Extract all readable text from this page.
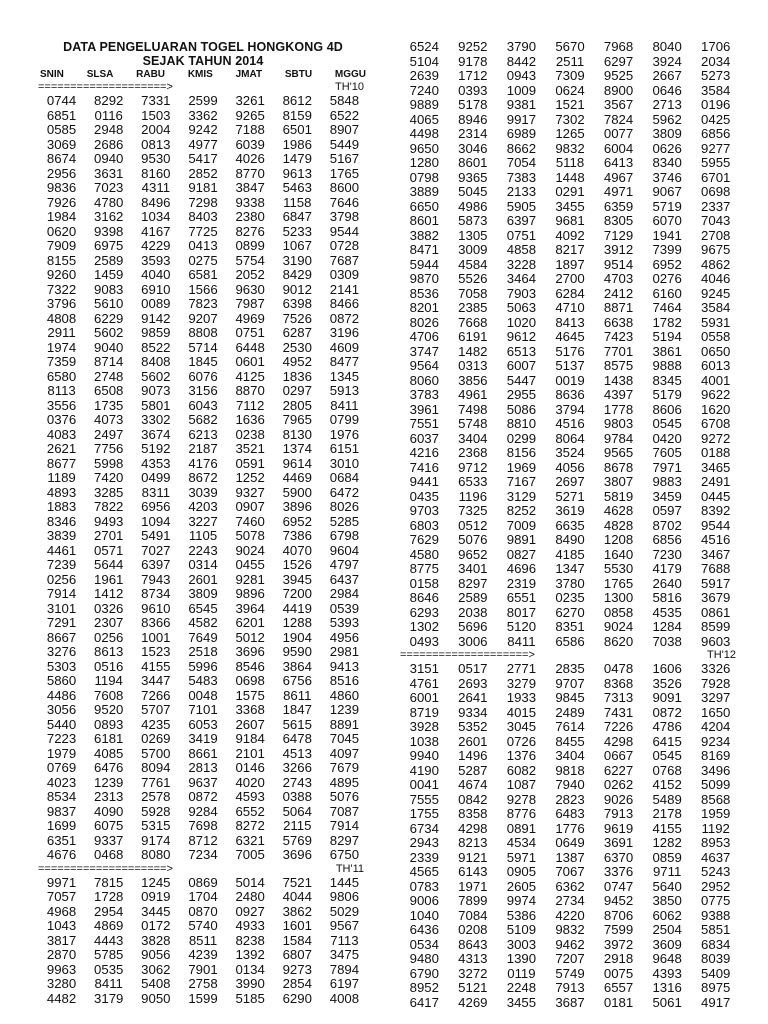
DATA PENGELUARAN TOGEL HONGKONG 4D
SEJAK TAHUN 2014
SNIN SLSA RABU KMIS JMAT SBTU MGGU
====================>	TH'10
0744	8292	7331	2599	3261	8612	5848
6851	0116	1503	3362	9265	8159	6522
0585	2948	2004	9242	7188	6501	8907
3069	2686	0813	4977	6039	1986	5449
8674	0940	9530	5417	4026	1479	5167
2956	3631	8160	2852	8770	9613	1765
9836	7023	4311	9181	3847	5463	8600
7926	4780	8496	7298	9338	1158	7646
1984	3162	1034	8403	2380	6847	3798
0620	9398	4167	7725	8276	5233	9544
7909	6975	4229	0413	0899	1067	0728
8155	2589	3593	0275	5754	3190	7687
9260	1459	4040	6581	2052	8429	0309
7322	9083	6910	1566	9630	9012	2141
3796	5610	0089	7823	7987	6398	8466
4808	6229	9142	9207	4969	7526	0872
2911	5602	9859	8808	0751	6287	3196
1974	9040	8522	5714	6448	2530	4609
7359	8714	8408	1845	0601	4952	8477
6580	2748	5602	6076	4125	1836	1345
8113	6508	9073	3156	8870	0297	5913
3556	1735	5801	6043	7112	2805	8411
0376	4073	3302	5682	1636	7965	0799
4083	2497	3674	6213	0238	8130	1976
2621	7756	5192	2187	3521	1374	6151
8677	5998	4353	4176	0591	9614	3010
1189	7420	0499	8672	1252	4469	0684
4893	3285	8311	3039	9327	5900	6472
1883	7822	6956	4203	0907	3896	8026
8346	9493	1094	3227	7460	6952	5285
3839	2701	5491	1105	5078	7386	6798
4461	0571	7027	2243	9024	4070	9604
7239	5644	6397	0314	0455	1526	4797
0256	1961	7943	2601	9281	3945	6437
7914	1412	8734	3809	9896	7200	2984
3101	0326	9610	6545	3964	4419	0539
7291	2307	8366	4582	6201	1288	5393
8667	0256	1001	7649	5012	1904	4956
3276	8613	1523	2518	3696	9590	2981
5303	0516	4155	5996	8546	3864	9413
5860	1194	3447	5483	0698	6756	8516
4486	7608	7266	0048	1575	8611	4860
3056	9520	5707	7101	3368	1847	1239
5440	0893	4235	6053	2607	5615	8891
7223	6181	0269	3419	9184	6478	7045
1979	4085	5700	8661	2101	4513	4097
0769	6476	8094	2813	0146	3266	7679
4023	1239	7761	9637	4020	2743	4895
8534	2313	2578	0872	4593	0388	5076
9837	4090	5928	9284	6552	5064	7087
1699	6075	5315	7698	8272	2115	7914
6351	9337	9174	8712	6321	5769	8297
4676	0468	8080	7234	7005	3696	6750
====================>	TH'11
9971	7815	1245	0869	5014	7521	1445
7057	1728	0919	1704	2480	4044	9806
4968	2954	3445	0870	0927	3862	5029
1043	4869	0172	5740	4933	1601	9567
3817	4443	3828	8511	8238	1584	7113
2870	5785	9056	4239	1392	6807	3475
9963	0535	3062	7901	0134	9273	7894
3280	8411	5408	2758	3990	2854	6197
4482	3179	9050	1599	5185	6290	4008
6524	9252	3790	5670	7968	8040	1706
5104	9178	8442	2511	6297	3924	2034
2639	1712	0943	7309	9525	2667	5273
7240	0393	1009	0624	8900	0646	3584
9889	5178	9381	1521	3567	2713	0196
4065	8946	9917	7302	7824	5962	0425
4498	2314	6989	1265	0077	3809	6856
9650	3046	8662	9832	6004	0626	9277
1280	8601	7054	5118	6413	8340	5955
0798	9365	7383	1448	4967	3746	6701
3889	5045	2133	0291	4971	9067	0698
6650	4986	5905	3455	6359	5719	2337
8601	5873	6397	9681	8305	6070	7043
3882	1305	0751	4092	7129	1941	2708
8471	3009	4858	8217	3912	7399	9675
5944	4584	3228	1897	9514	6952	4862
9870	5526	3464	2700	4703	0276	4046
8536	7058	7903	6284	2412	6160	9245
8201	2385	5063	4710	8871	7464	3584
8026	7668	1020	8413	6638	1782	5931
4706	6191	9612	4645	7423	5194	0558
3747	1482	6513	5176	7701	3861	0650
9564	0313	6007	5137	8575	9888	6013
8060	3856	5447	0019	1438	8345	4001
3783	4961	2955	8636	4397	5179	9622
3961	7498	5086	3794	1778	8606	1620
7551	5748	8810	4516	9803	0545	6708
6037	3404	0299	8064	9784	0420	9272
4216	2368	8156	3524	9565	7605	0188
7416	9712	1969	4056	8678	7971	3465
9441	6533	7167	2697	3807	9883	2491
0435	1196	3129	5271	5819	3459	0445
9703	7325	8252	3619	4628	0597	8392
6803	0512	7009	6635	4828	8702	9544
7629	5076	9891	8490	1208	6856	4516
4580	9652	0827	4185	1640	7230	3467
8775	3401	4696	1347	5530	4179	7688
0158	8297	2319	3780	1765	2640	5917
8646	2589	6551	0235	1300	5816	3679
6293	2038	8017	6270	0858	4535	0861
1302	5696	5120	8351	9024	1284	8599
0493	3006	8411	6586	8620	7038	9603
====================>	TH'12
3151	0517	2771	2835	0478	1606	3326
4761	2693	3279	9707	8368	3526	7928
6001	2641	1933	9845	7313	9091	3297
8719	9334	4015	2489	7431	0872	1650
3928	5352	3045	7614	7226	4786	4204
1038	2601	0726	8455	4298	6415	9234
9940	1496	1376	3404	0667	0545	8169
4190	5287	6082	9818	6227	0768	3496
0041	4674	1087	7940	0262	4152	5099
7555	0842	9278	2823	9026	5489	8568
1755	8358	8776	6483	7913	2178	1959
6734	4298	0891	1776	9619	4155	1192
2943	8213	4534	0649	3691	1282	8953
2339	9121	5971	1387	6370	0859	4637
4565	6143	0905	7067	3376	9711	5243
0783	1971	2605	6362	0747	5640	2952
9006	7899	9974	2734	9452	3850	0775
1040	7084	5386	4220	8706	6062	9388
6436	0208	5109	9832	7599	2504	5851
0534	8643	3003	9462	3972	3609	6834
9480	4313	1390	7207	2918	9648	8039
6790	3272	0119	5749	0075	4393	5409
8952	5121	2248	7913	6557	1316	8975
6417	4269	3455	3687	0181	5061	4917
